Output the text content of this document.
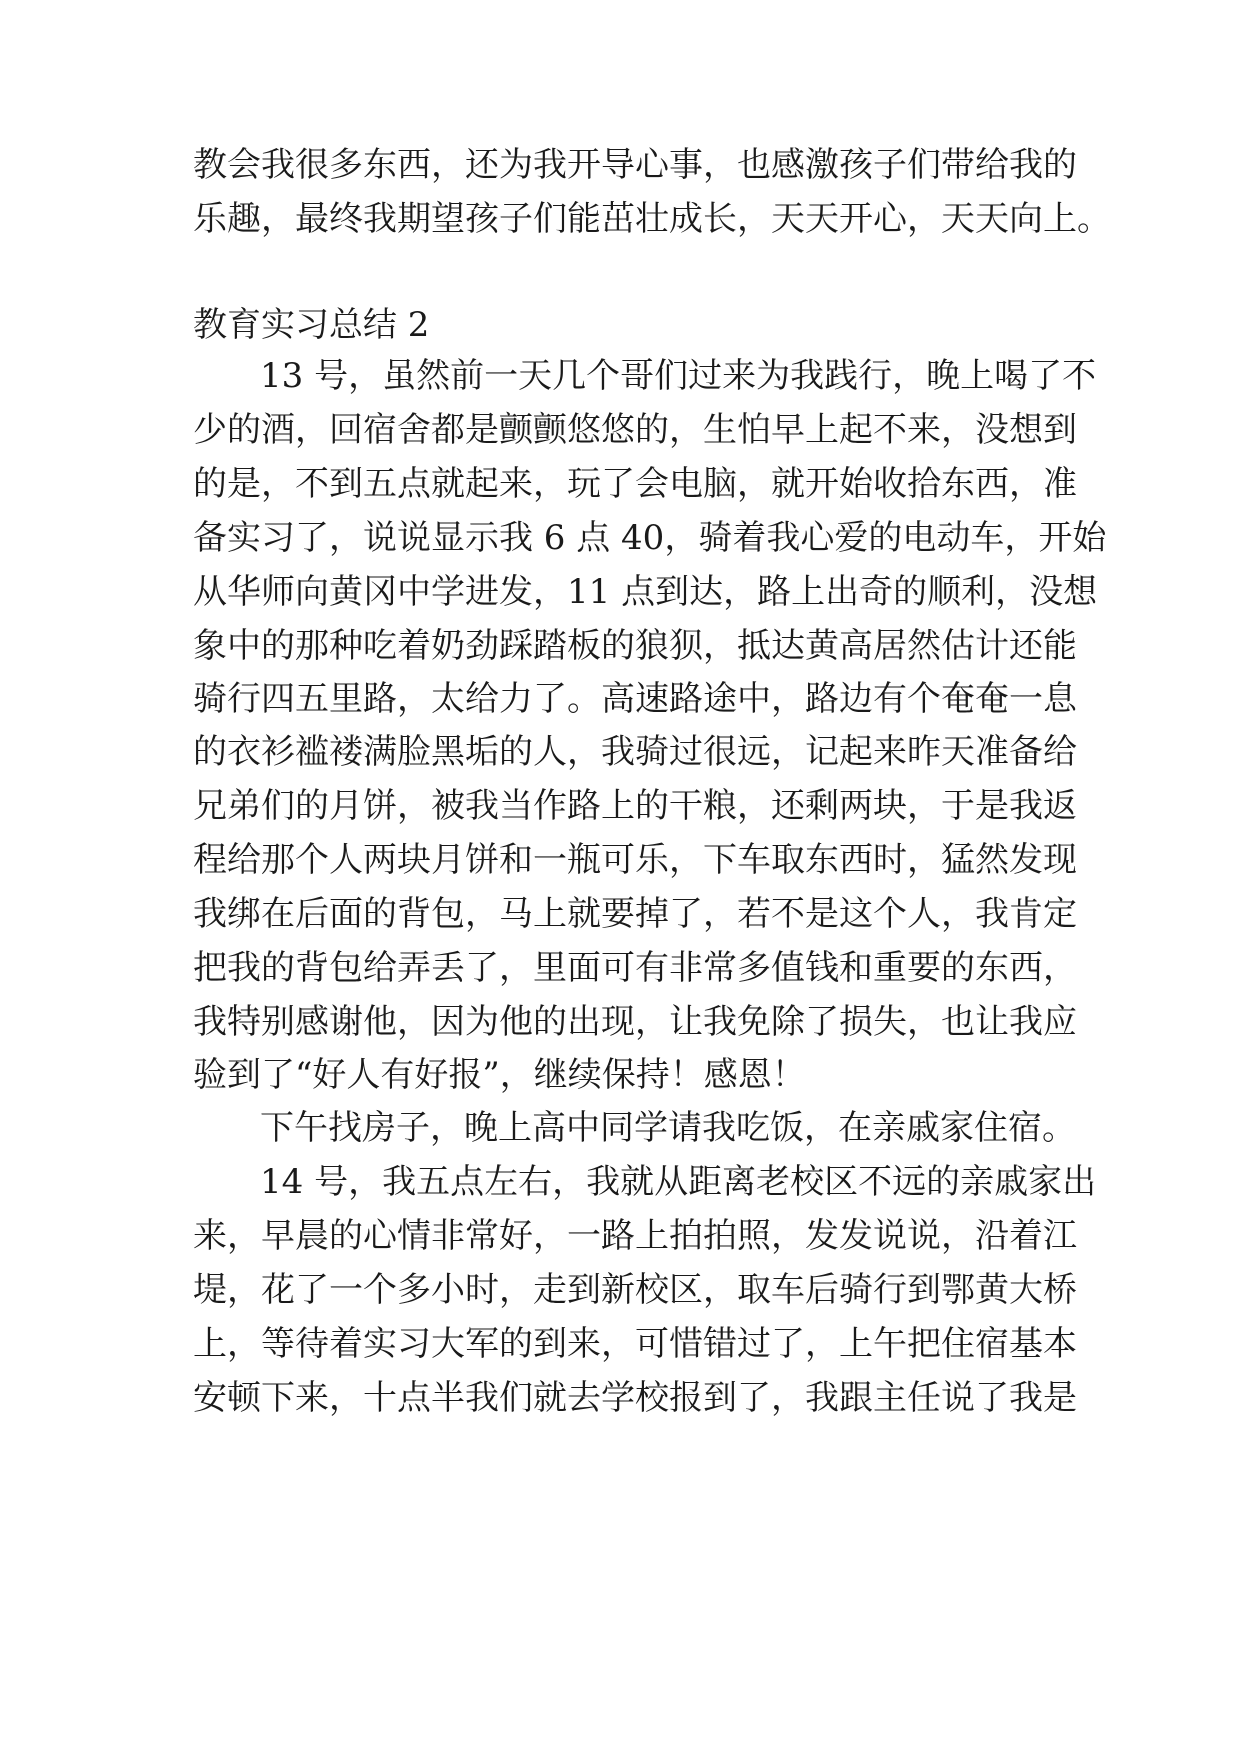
教会我很多东西，还为我开导心事，也感激孩子们带给我的
乐趣，最终我期望孩子们能茁壮成长，天天开心，天天向上。
教育实习总结 2
13 号，虽然前一天几个哥们过来为我践行，晚上喝了不
少的酒，回宿舍都是颤颤悠悠的，生怕早上起不来，没想到
的是，不到五点就起来，玩了会电脑，就开始收拾东西，准
备实习了，说说显示我 6 点 40，骑着我心爱的电动车，开始
从华师向黄冈中学进发，11 点到达，路上出奇的顺利，没想
象中的那种吃着奶劲踩踏板的狼狈，抵达黄高居然估计还能
骑行四五里路，太给力了。高速路途中，路边有个奄奄一息
的衣衫褴褛满脸黑垢的人，我骑过很远，记起来昨天准备给
兄弟们的月饼，被我当作路上的干粮，还剩两块，于是我返
程给那个人两块月饼和一瓶可乐，下车取东西时，猛然发现
我绑在后面的背包，马上就要掉了，若不是这个人，我肯定
把我的背包给弄丢了，里面可有非常多值钱和重要的东西，
我特别感谢他，因为他的出现，让我免除了损失，也让我应
验到了“好人有好报”，继续保持！感恩！
下午找房子，晚上高中同学请我吃饭，在亲戚家住宿。
14 号，我五点左右，我就从距离老校区不远的亲戚家出
来，早晨的心情非常好，一路上拍拍照，发发说说，沿着江
堤，花了一个多小时，走到新校区，取车后骑行到鄂黄大桥
上，等待着实习大军的到来，可惜错过了，上午把住宿基本
安顿下来，十点半我们就去学校报到了，我跟主任说了我是
